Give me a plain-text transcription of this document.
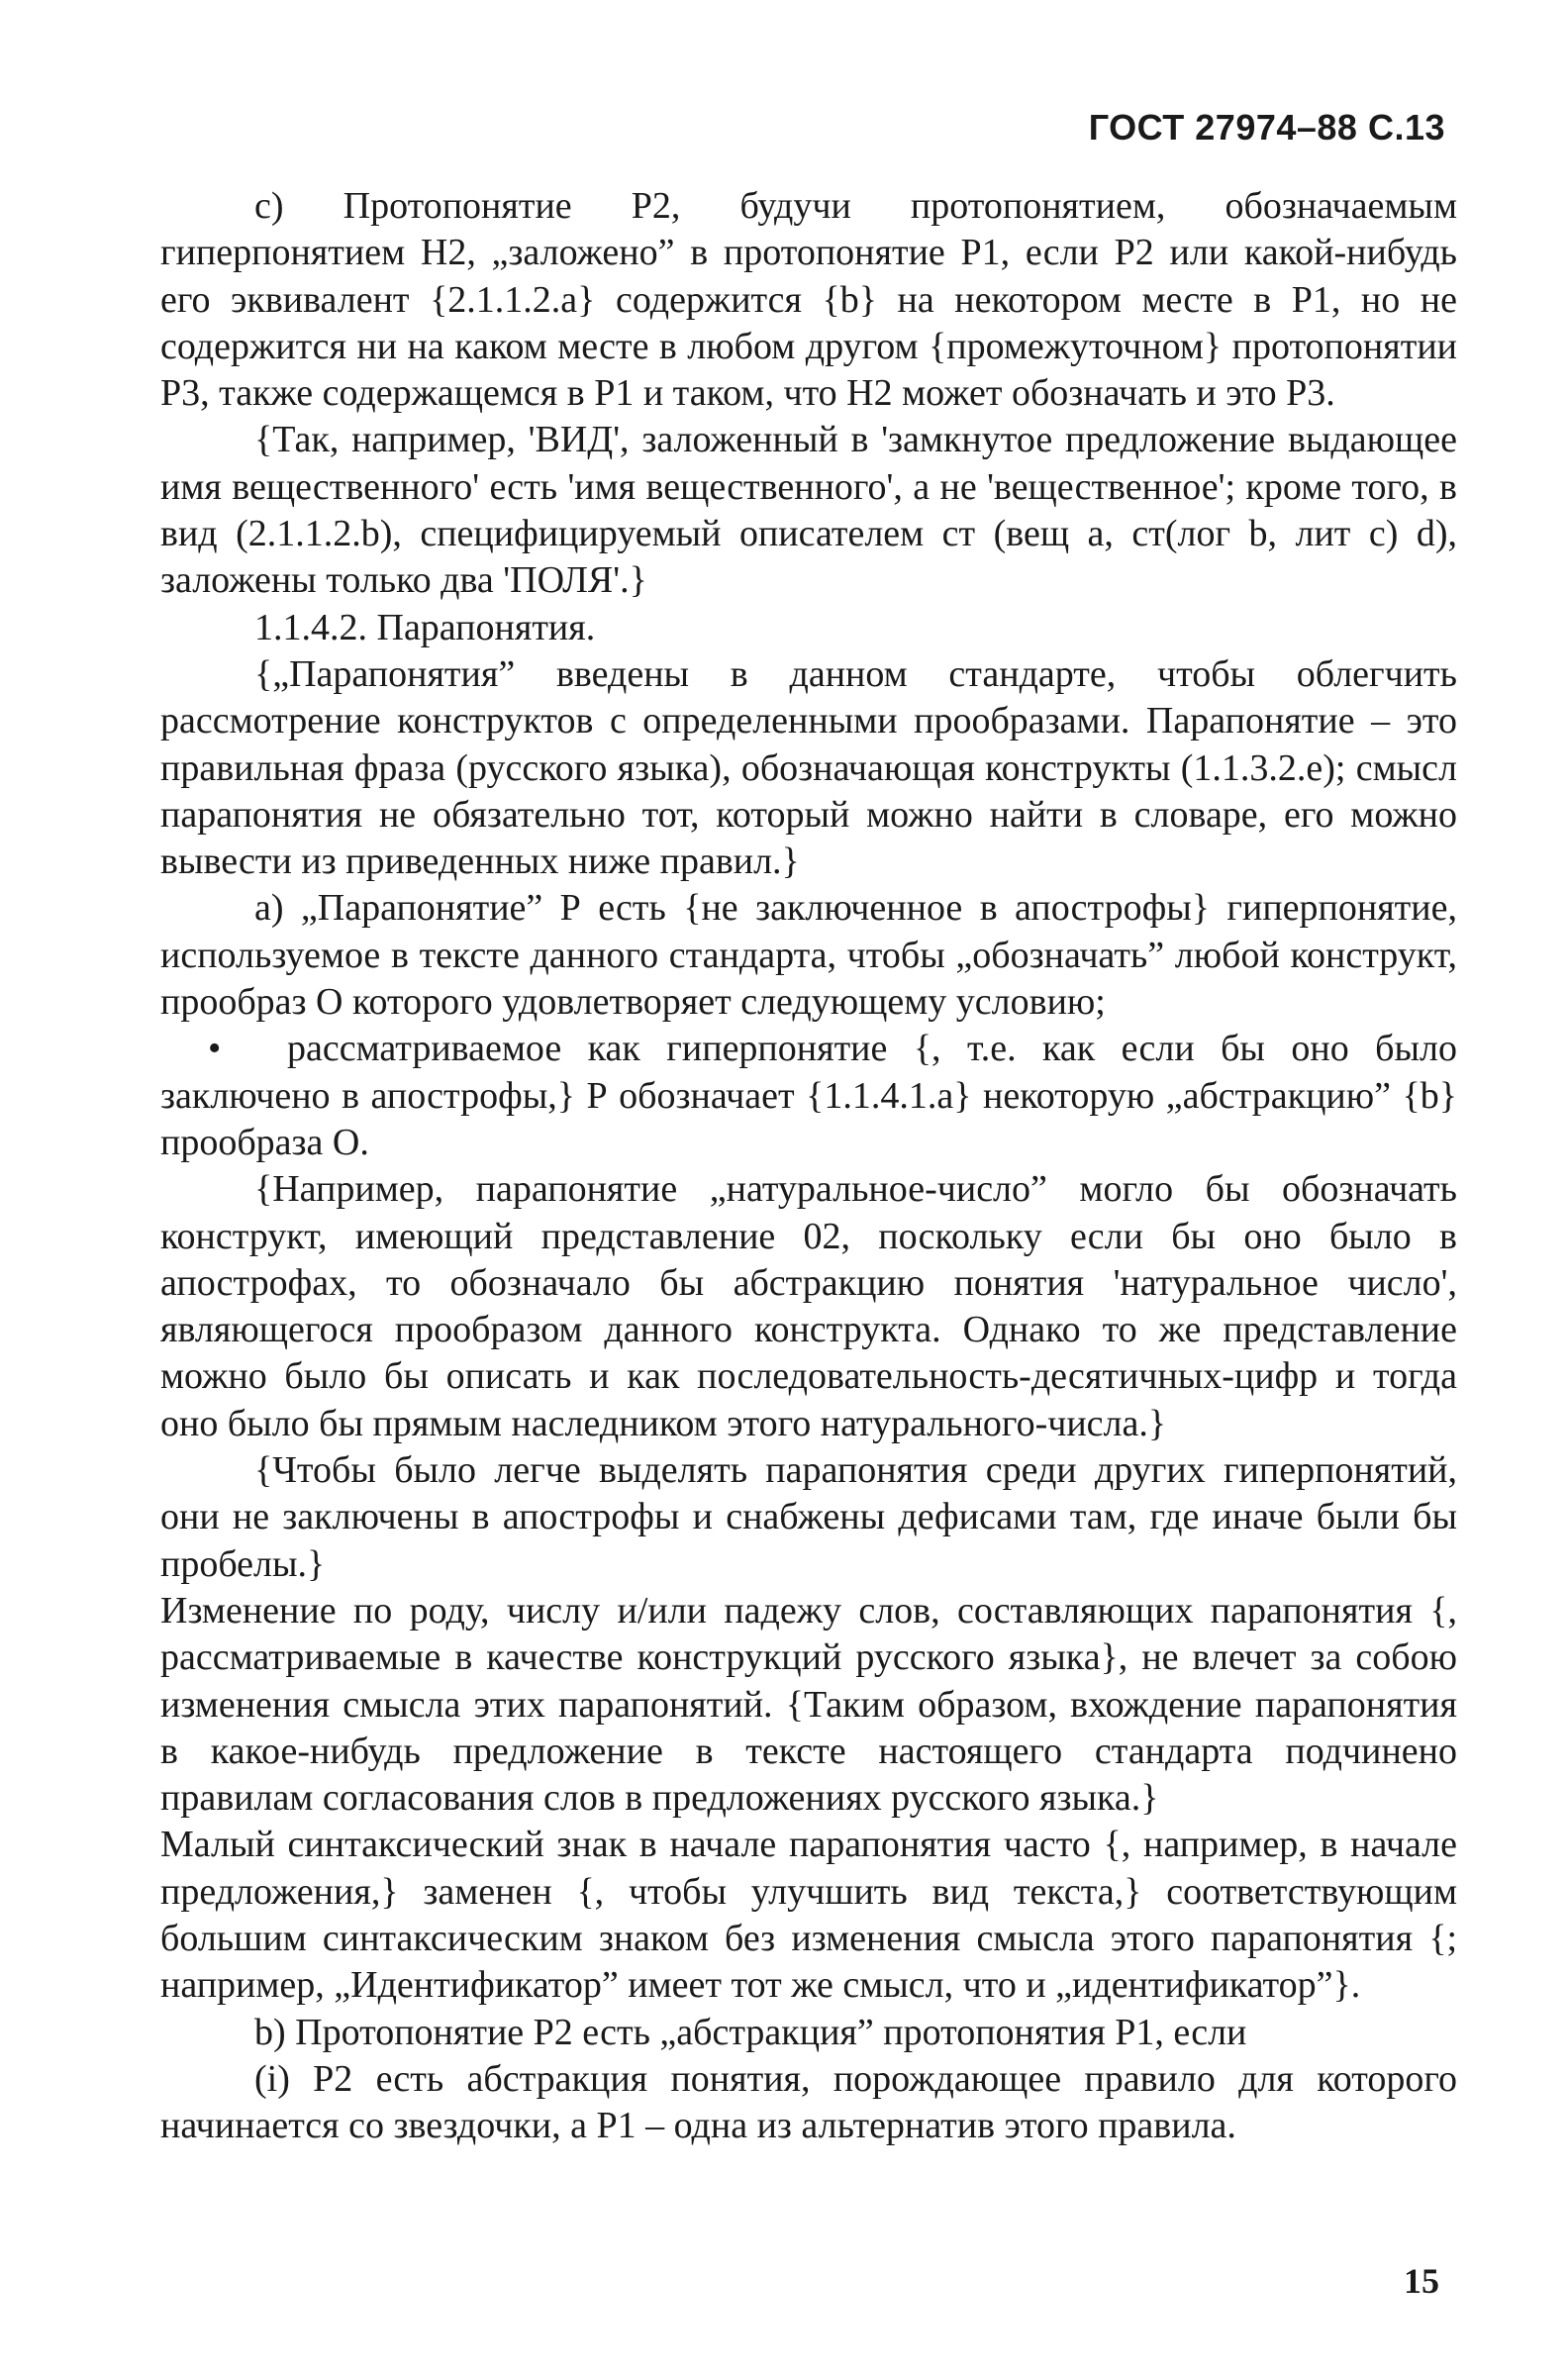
ГОСТ 27974–88 С.13

c) Протопонятие Р2, будучи протопонятием, обозначаемым гиперпонятием Н2, „заложено” в протопонятие Р1, если Р2 или какой-нибудь его эквивалент {2.1.1.2.a} содержится {b} на некотором месте в Р1, но не содержится ни на каком месте в любом другом {промежуточном} протопонятии Р3, также содержащемся в Р1 и таком, что Н2 может обозначать и это Р3.

{Так, например, 'ВИД', заложенный в 'замкнутое предложение выдающее имя вещественного' есть 'имя вещественного', а не 'вещественное'; кроме того, в вид (2.1.1.2.b), специфицируемый описателем ст (вещ а, ст(лог b, лит с) d), заложены только два 'ПОЛЯ'.}

1.1.4.2. Парапонятия.

{„Парапонятия” введены в данном стандарте, чтобы облегчить рассмотрение конструктов с определенными прообразами. Парапонятие – это правильная фраза (русского языка), обозначающая конструкты (1.1.3.2.e); смысл парапонятия не обязательно тот, который можно найти в словаре, его можно вывести из приведенных ниже правил.}

a) „Парапонятие” Р есть {не заключенное в апострофы} гиперпонятие, используемое в тексте данного стандарта, чтобы „обозначать” любой конструкт, прообраз О которого удовлетворяет следующему условию;

• рассматриваемое как гиперпонятие {, т.е. как если бы оно было заключено в апострофы,} Р обозначает {1.1.4.1.a} некоторую „абстракцию” {b} прообраза О.

{Например, парапонятие „натуральное-число” могло бы обозначать конструкт, имеющий представление 02, поскольку если бы оно было в апострофах, то обозначало бы абстракцию понятия 'натуральное число', являющегося прообразом данного конструкта. Однако то же представление можно было бы описать и как последовательность-десятичных-цифр и тогда оно было бы прямым наследником этого натурального-числа.}

{Чтобы было легче выделять парапонятия среди других гиперпонятий, они не заключены в апострофы и снабжены дефисами там, где иначе были бы пробелы.}

Изменение по роду, числу и/или падежу слов, составляющих парапонятия {, рассматриваемые в качестве конструкций русского языка}, не влечет за собою изменения смысла этих парапонятий. {Таким образом, вхождение парапонятия в какое-нибудь предложение в тексте настоящего стандарта подчинено правилам согласования слов в предложениях русского языка.}

Малый синтаксический знак в начале парапонятия часто {, например, в начале предложения,} заменен {, чтобы улучшить вид текста,} соответствующим большим синтаксическим знаком без изменения смысла этого парапонятия {; например, „Идентификатор” имеет тот же смысл, что и „идентификатор”}.

b) Протопонятие Р2 есть „абстракция” протопонятия Р1, если

(i) Р2 есть абстракция понятия, порождающее правило для которого начинается со звездочки, а Р1 – одна из альтернатив этого правила.

15
